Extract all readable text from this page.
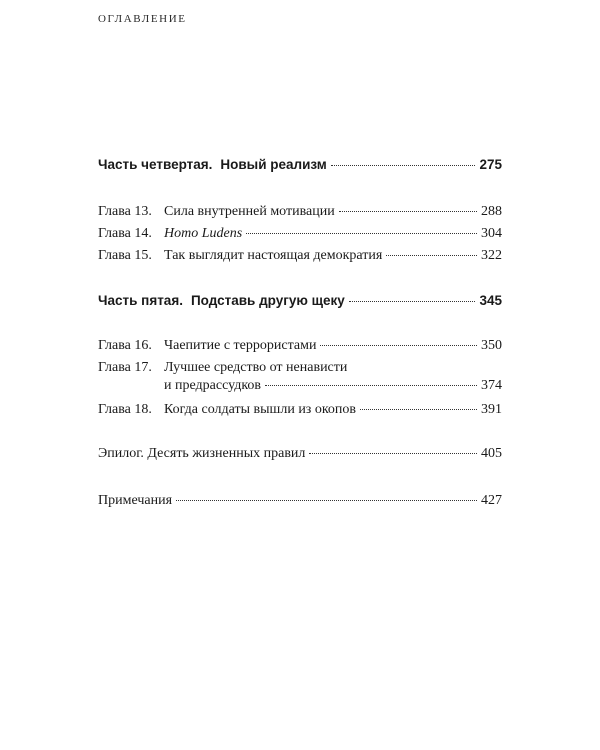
ОГЛАВЛЕНИЕ
Часть четвертая. Новый реализм	275
Глава 13. Сила внутренней мотивации	288
Глава 14. Homo Ludens	304
Глава 15. Так выглядит настоящая демократия	322
Часть пятая. Подставь другую щеку	345
Глава 16. Чаепитие с террористами	350
Глава 17. Лучшее средство от ненависти
и предрассудков	374
Глава 18. Когда солдаты вышли из окопов	391
Эпилог. Десять жизненных правил	405
Примечания	427
